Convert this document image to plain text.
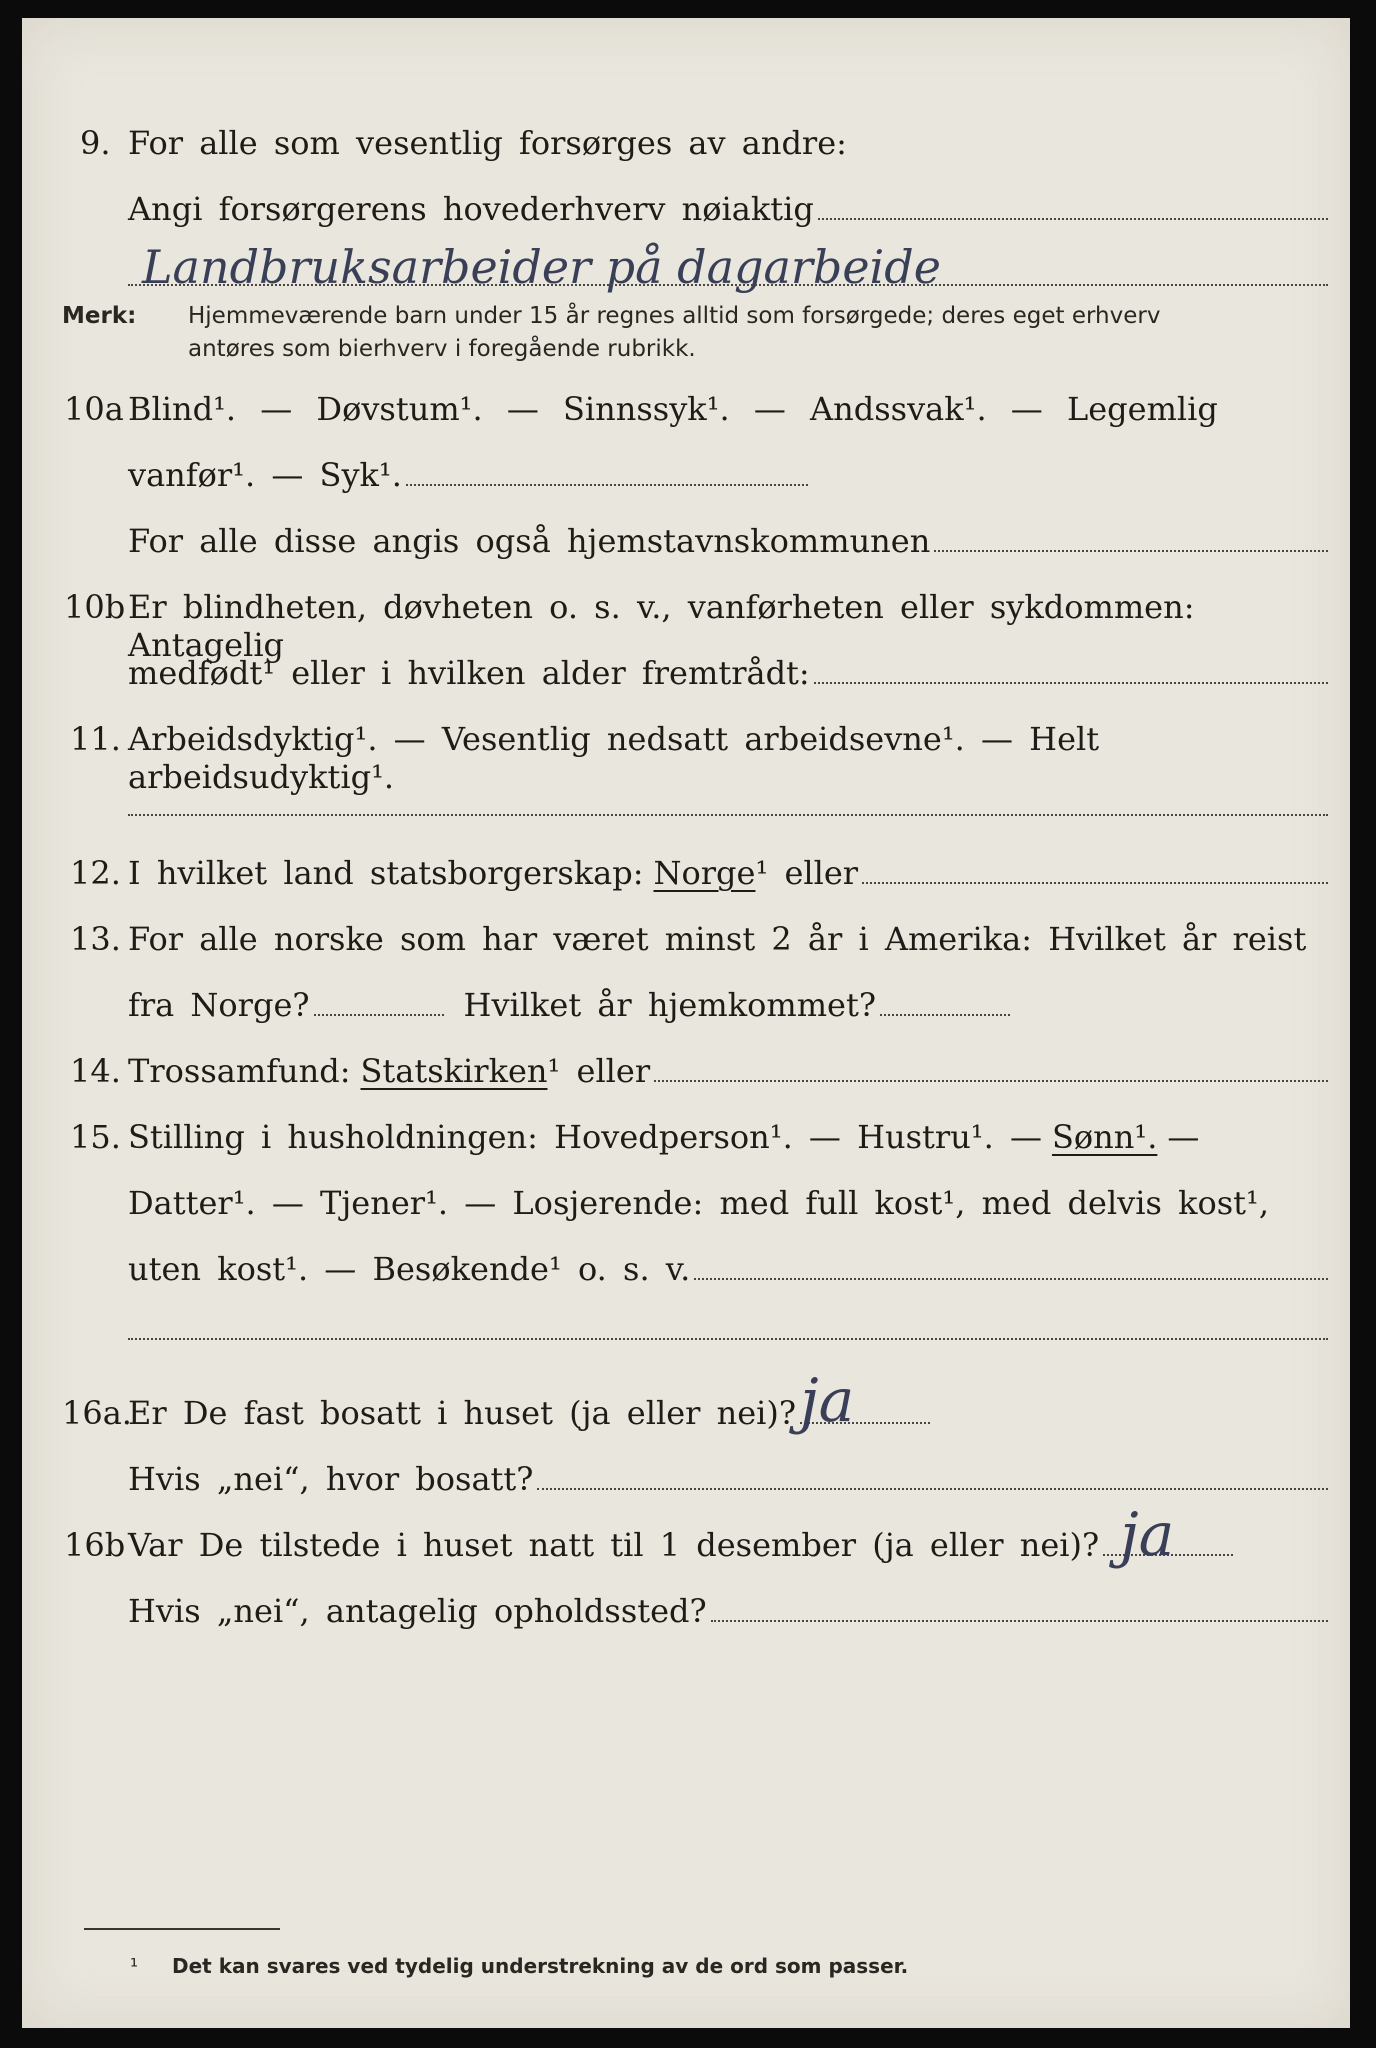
9. For alle som vesentlig forsørges av andre:
Angi forsørgerens hovederhverv nøiaktig
Landbruksarbeider på dagarbeide
Merk: Hjemmeværende barn under 15 år regnes alltid som forsørgede; deres eget erhverv
antøres som bierhverv i foregående rubrikk.
10a Blind¹. — Døvstum¹. — Sinnssyk¹. — Andssvak¹. — Legemlig
vanfør¹. — Syk¹.
For alle disse angis også hjemstavnskommunen
10b Er blindheten, døvheten o. s. v., vanførheten eller sykdommen: Antagelig
medfødt¹ eller i hvilken alder fremtrådt:
11. Arbeidsdyktig¹. — Vesentlig nedsatt arbeidsevne¹. — Helt arbeidsudyktig¹.
12. I hvilket land statsborgerskap: Norge ¹ eller
13. For alle norske som har været minst 2 år i Amerika: Hvilket år reist
fra Norge?	Hvilket år hjemkommet?
14. Trossamfund: Statskirken ¹ eller
15. Stilling i husholdningen: Hovedperson¹. — Hustru¹. — Sønn¹. —
Datter¹. — Tjener¹. — Losjerende: med full kost¹, med delvis kost¹,
uten kost¹. — Besøkende¹ o. s. v.
16a.
Er De fast bosatt i huset (ja eller nei)? ja
Hvis „nei“, hvor bosatt?
16b Var De tilstede i huset natt til 1 desember (ja eller nei)? ja
Hvis „nei“, antagelig opholdssted?
¹ Det kan svares ved tydelig understrekning av de ord som passer.
